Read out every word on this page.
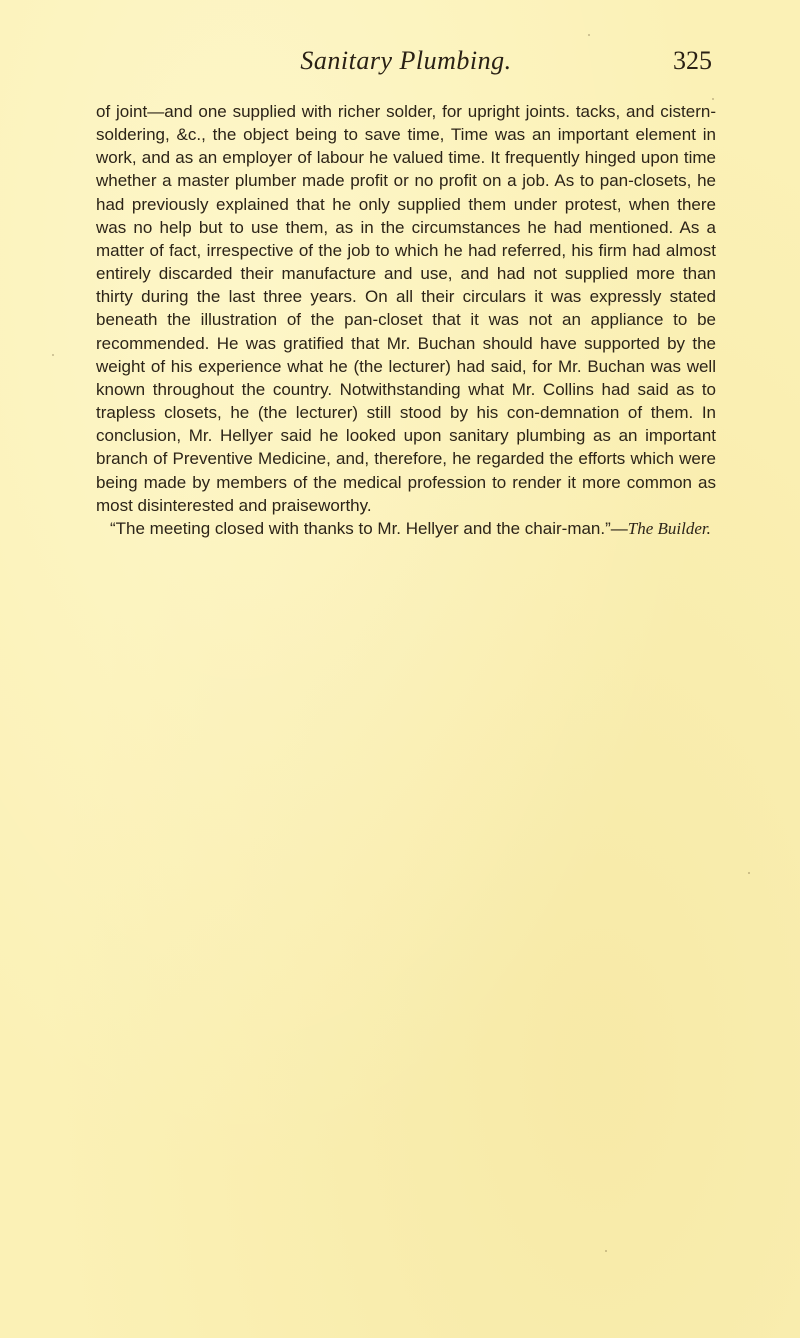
Sanitary Plumbing.	325

of joint—and one supplied with richer solder, for upright joints. tacks, and cistern-soldering, &c., the object being to save time, Time was an important element in work, and as an employer of labour he valued time. It frequently hinged upon time whether a master plumber made profit or no profit on a job. As to pan-closets, he had previously explained that he only supplied them under protest, when there was no help but to use them, as in the circumstances he had mentioned. As a matter of fact, irrespective of the job to which he had referred, his firm had almost entirely discarded their manufacture and use, and had not supplied more than thirty during the last three years. On all their circulars it was expressly stated beneath the illustration of the pan-closet that it was not an appliance to be recommended. He was gratified that Mr. Buchan should have supported by the weight of his experience what he (the lecturer) had said, for Mr. Buchan was well known throughout the country. Notwithstanding what Mr. Collins had said as to trapless closets, he (the lecturer) still stood by his con-demnation of them. In conclusion, Mr. Hellyer said he looked upon sanitary plumbing as an important branch of Preventive Medicine, and, therefore, he regarded the efforts which were being made by members of the medical profession to render it more common as most disinterested and praiseworthy.

“The meeting closed with thanks to Mr. Hellyer and the chair-man.”—The Builder.
